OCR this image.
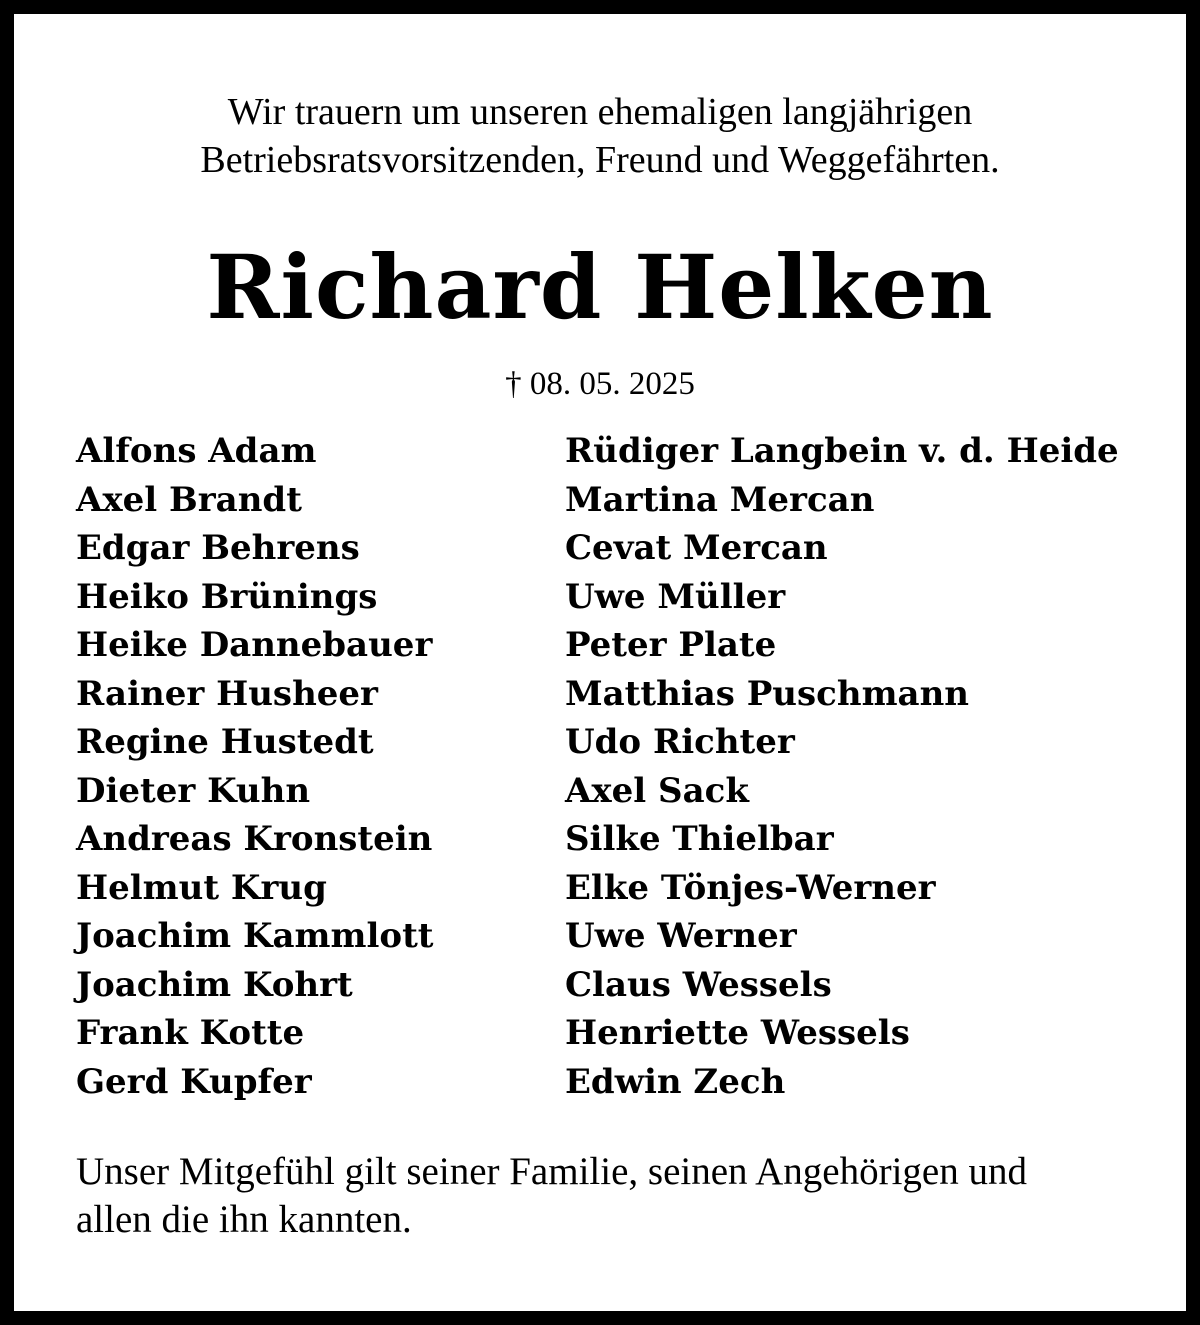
Wir trauern um unseren ehemaligen langjährigen
Betriebsratsvorsitzenden, Freund und Weggefährten.
Richard Helken
† 08. 05. 2025
Alfons Adam
Axel Brandt
Edgar Behrens
Heiko Brünings
Heike Dannebauer
Rainer Husheer
Regine Hustedt
Dieter Kuhn
Andreas Kronstein
Helmut Krug
Joachim Kammlott
Joachim Kohrt
Frank Kotte
Gerd Kupfer
Rüdiger Langbein v. d. Heide
Martina Mercan
Cevat Mercan
Uwe Müller
Peter Plate
Matthias Puschmann
Udo Richter
Axel Sack
Silke Thielbar
Elke Tönjes-Werner
Uwe Werner
Claus Wessels
Henriette Wessels
Edwin Zech
Unser Mitgefühl gilt seiner Familie, seinen Angehörigen und
allen die ihn kannten.
